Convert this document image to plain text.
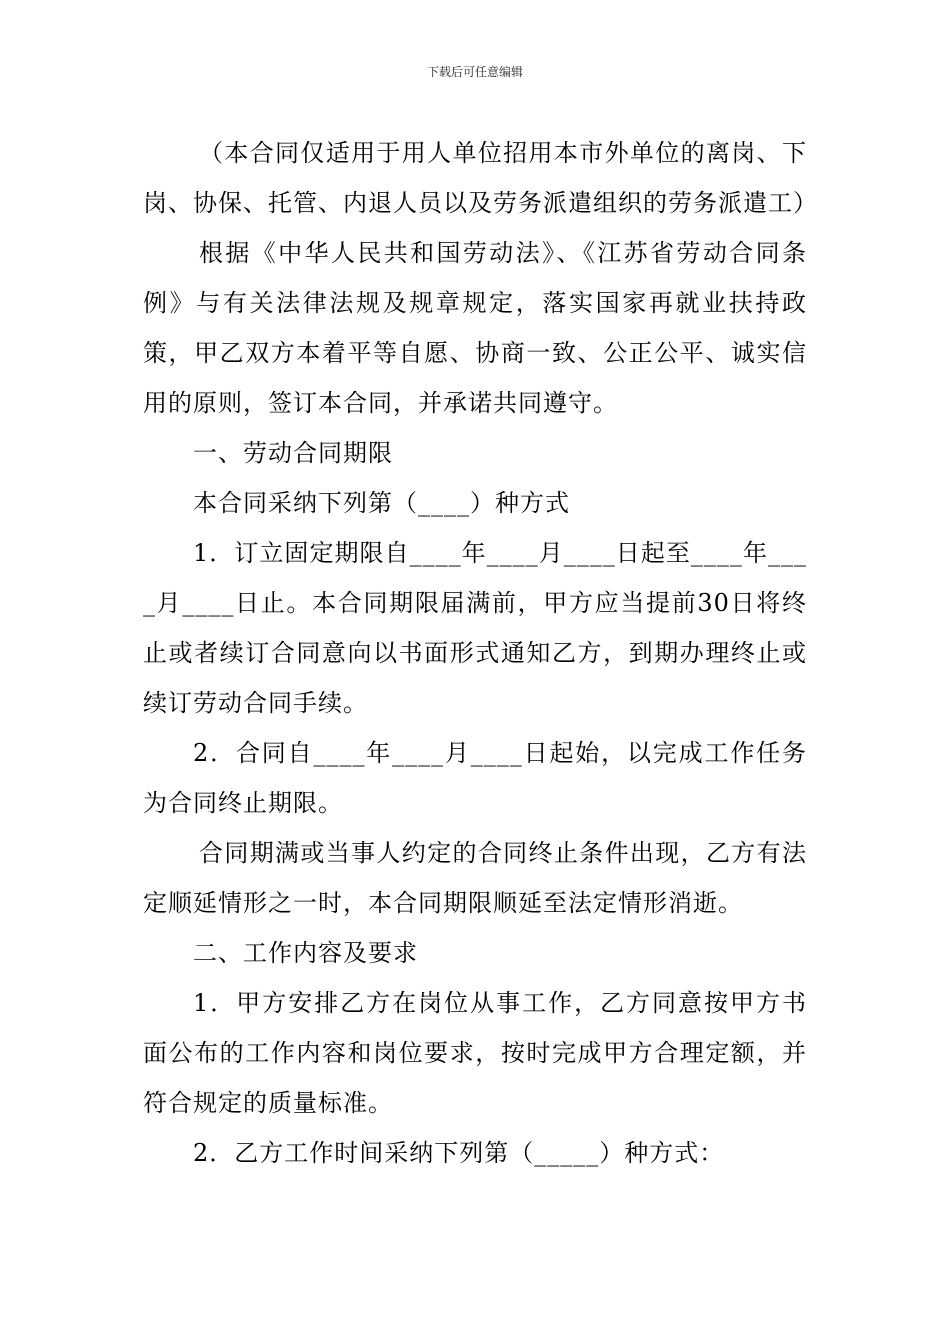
下载后可任意编辑

（本合同仅适用于用人单位招用本市外单位的离岗、下岗、协保、托管、内退人员以及劳务派遣组织的劳务派遣工）

根据《中华人民共和国劳动法》、《江苏省劳动合同条例》与有关法律法规及规章规定，落实国家再就业扶持政策，甲乙双方本着平等自愿、协商一致、公正公平、诚实信用的原则，签订本合同，并承诺共同遵守。

一、劳动合同期限

本合同采纳下列第（____）种方式

1．订立固定期限自____年____月____日起至____年____月____日止。本合同期限届满前，甲方应当提前30日将终止或者续订合同意向以书面形式通知乙方，到期办理终止或续订劳动合同手续。

2．合同自____年____月____日起始，以完成工作任务为合同终止期限。

合同期满或当事人约定的合同终止条件出现，乙方有法定顺延情形之一时，本合同期限顺延至法定情形消逝。

二、工作内容及要求

1．甲方安排乙方在岗位从事工作，乙方同意按甲方书面公布的工作内容和岗位要求，按时完成甲方合理定额，并符合规定的质量标准。

2．乙方工作时间采纳下列第（_____）种方式：
